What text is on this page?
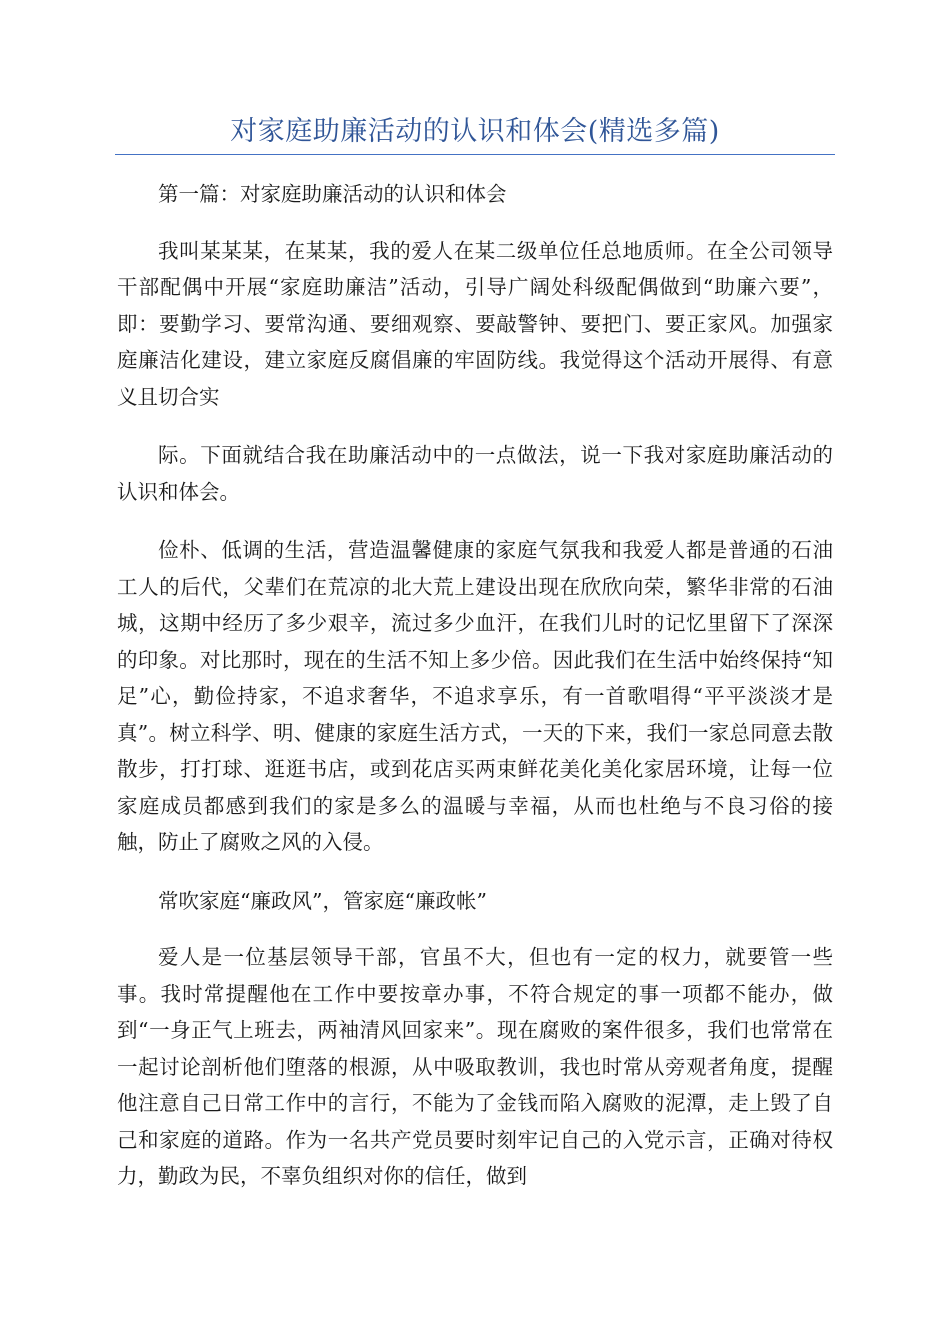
对家庭助廉活动的认识和体会(精选多篇)

第一篇：对家庭助廉活动的认识和体会

我叫某某某，在某某，我的爱人在某二级单位任总地质师。在全公司领导干部配偶中开展“家庭助廉洁”活动，引导广阔处科级配偶做到“助廉六要”，即：要勤学习、要常沟通、要细观察、要敲警钟、要把门、要正家风。加强家庭廉洁化建设，建立家庭反腐倡廉的牢固防线。我觉得这个活动开展得、有意义且切合实

际。下面就结合我在助廉活动中的一点做法，说一下我对家庭助廉活动的认识和体会。

俭朴、低调的生活，营造温馨健康的家庭气氛我和我爱人都是普通的石油工人的后代，父辈们在荒凉的北大荒上建设出现在欣欣向荣，繁华非常的石油城，这期中经历了多少艰辛，流过多少血汗，在我们儿时的记忆里留下了深深的印象。对比那时，现在的生活不知上多少倍。因此我们在生活中始终保持“知足”心，勤俭持家，不追求奢华，不追求享乐，有一首歌唱得“平平淡淡才是真”。树立科学、明、健康的家庭生活方式，一天的下来，我们一家总同意去散散步，打打球、逛逛书店，或到花店买两束鲜花美化美化家居环境，让每一位家庭成员都感到我们的家是多么的温暖与幸福，从而也杜绝与不良习俗的接触，防止了腐败之风的入侵。

常吹家庭“廉政风”，管家庭“廉政帐”

爱人是一位基层领导干部，官虽不大，但也有一定的权力，就要管一些事。我时常提醒他在工作中要按章办事，不符合规定的事一项都不能办，做到“一身正气上班去，两袖清风回家来”。现在腐败的案件很多，我们也常常在一起讨论剖析他们堕落的根源，从中吸取教训，我也时常从旁观者角度，提醒他注意自己日常工作中的言行，不能为了金钱而陷入腐败的泥潭，走上毁了自己和家庭的道路。作为一名共产党员要时刻牢记自己的入党示言，正确对待权力，勤政为民，不辜负组织对你的信任，做到
